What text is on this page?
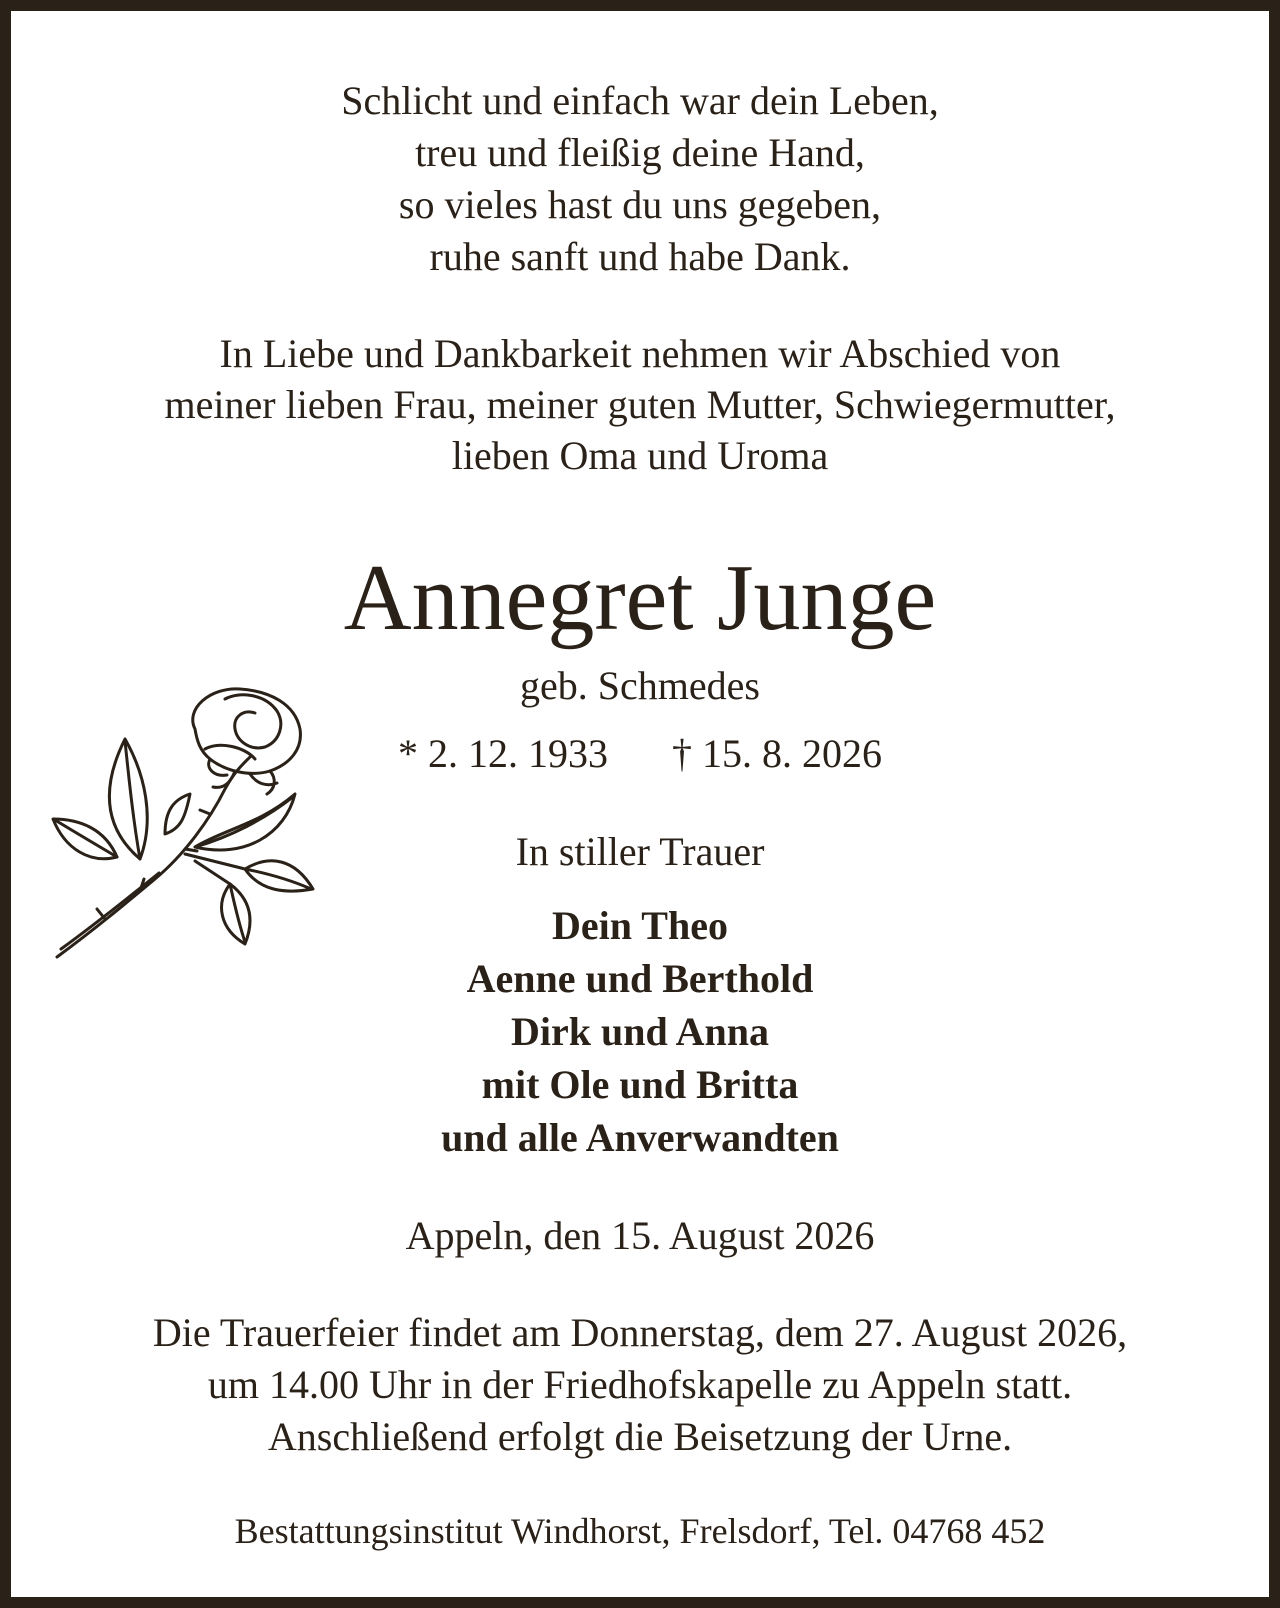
Schlicht und einfach war dein Leben,
treu und fleißig deine Hand,
so vieles hast du uns gegeben,
ruhe sanft und habe Dank.
In Liebe und Dankbarkeit nehmen wir Abschied von
meiner lieben Frau, meiner guten Mutter, Schwiegermutter,
lieben Oma und Uroma
Annegret Junge
geb. Schmedes
* 2. 12. 1933 † 15. 8. 2026
In stiller Trauer
Dein Theo
Aenne und Berthold
Dirk und Anna
mit Ole und Britta
und alle Anverwandten
Appeln, den 15. August 2026
Die Trauerfeier findet am Donnerstag, dem 27. August 2026,
um 14.00 Uhr in der Friedhofskapelle zu Appeln statt.
Anschließend erfolgt die Beisetzung der Urne.
Bestattungsinstitut Windhorst, Frelsdorf, Tel. 04768 452
